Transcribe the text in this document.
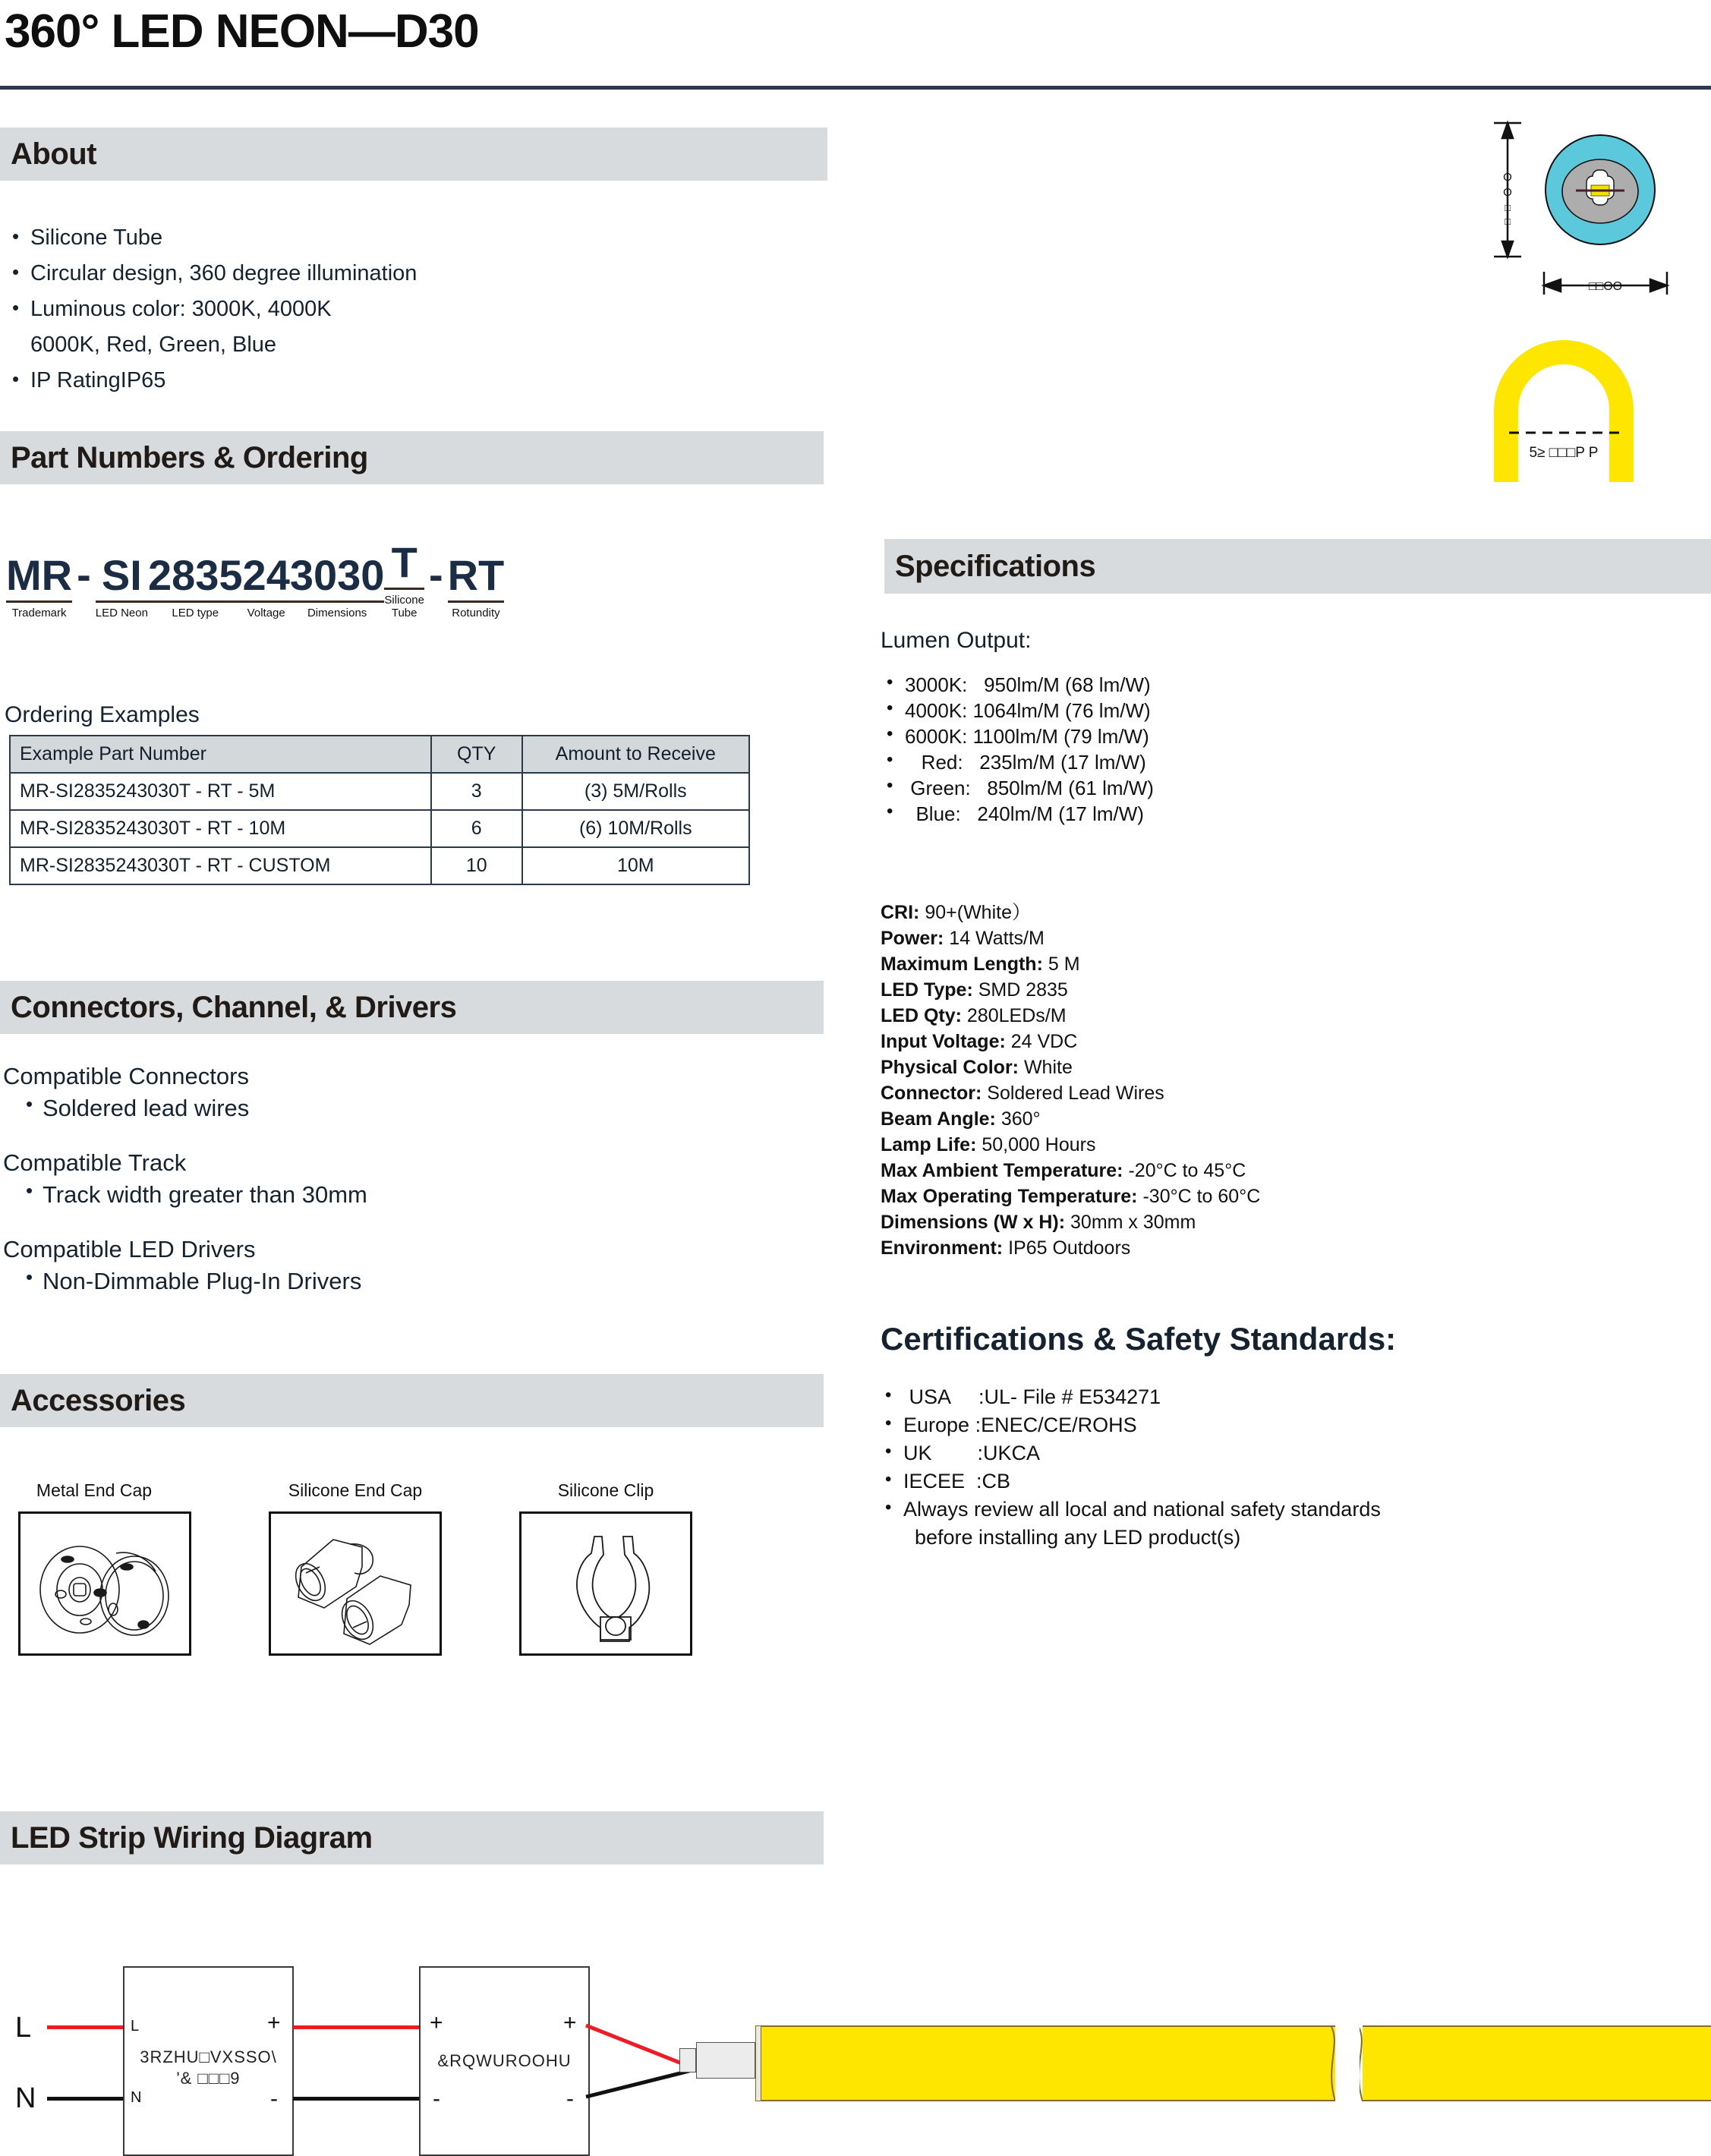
360° LED NEON—D30
About
• Silicone Tube
• Circular design, 360 degree illumination
• Luminous color: 3000K, 4000K
6000K, Red, Green, Blue
• IP RatingIP65
Part Numbers & Ordering
MR
Trademark
- SI
LED Neon
2835
LED type
24
Voltage
3030
Dimensions
T
Silicone
Tube
- RT
Rotundity
Ordering Examples
Example Part Number	QTY	Amount to Receive
MR-SI2835243030T - RT - 5M	3	(3) 5M/Rolls
MR-SI2835243030T - RT - 10M	6	(6) 10M/Rolls
MR-SI2835243030T - RT - CUSTOM	10	10M
Connectors, Channel, & Drivers
Compatible Connectors
• Soldered lead wires
Compatible Track
• Track width greater than 30mm
Compatible LED Drivers
• Non-Dimmable Plug-In Drivers
Accessories
Metal End Cap	Silicone End Cap	Silicone Clip
Specifications
Lumen Output:
• 3000K:   950lm/M (68 lm/W)
• 4000K: 1064lm/M (76 lm/W)
• 6000K: 1100lm/M (79 lm/W)
•    Red:   235lm/M (17 lm/W)
•  Green:   850lm/M (61 lm/W)
•   Blue:   240lm/M (17 lm/W)
CRI: 90+(White）
Power: 14 Watts/M
Maximum Length: 5 M
LED Type: SMD 2835
LED Qty: 280LEDs/M
Input Voltage: 24 VDC
Physical Color: White
Connector: Soldered Lead Wires
Beam Angle: 360°
Lamp Life: 50,000 Hours
Max Ambient Temperature: -20°C to 45°C
Max Operating Temperature: -30°C to 60°C
Dimensions (W x H): 30mm x 30mm
Environment: IP65 Outdoors
Certifications & Safety Standards:
•  USA     :UL- File # E534271
• Europe :ENEC/CE/ROHS
• UK        :UKCA
• IECEE  :CB
• Always review all local and national safety standards
before installing any LED product(s)
O
O
□
□
□□OO
5≥ □□□P P
LED Strip Wiring Diagram
L
N
3RZHU□VXSSO\
'& □□□9
L
N
+
-
&RQWUROOHU
+
-
+
-
